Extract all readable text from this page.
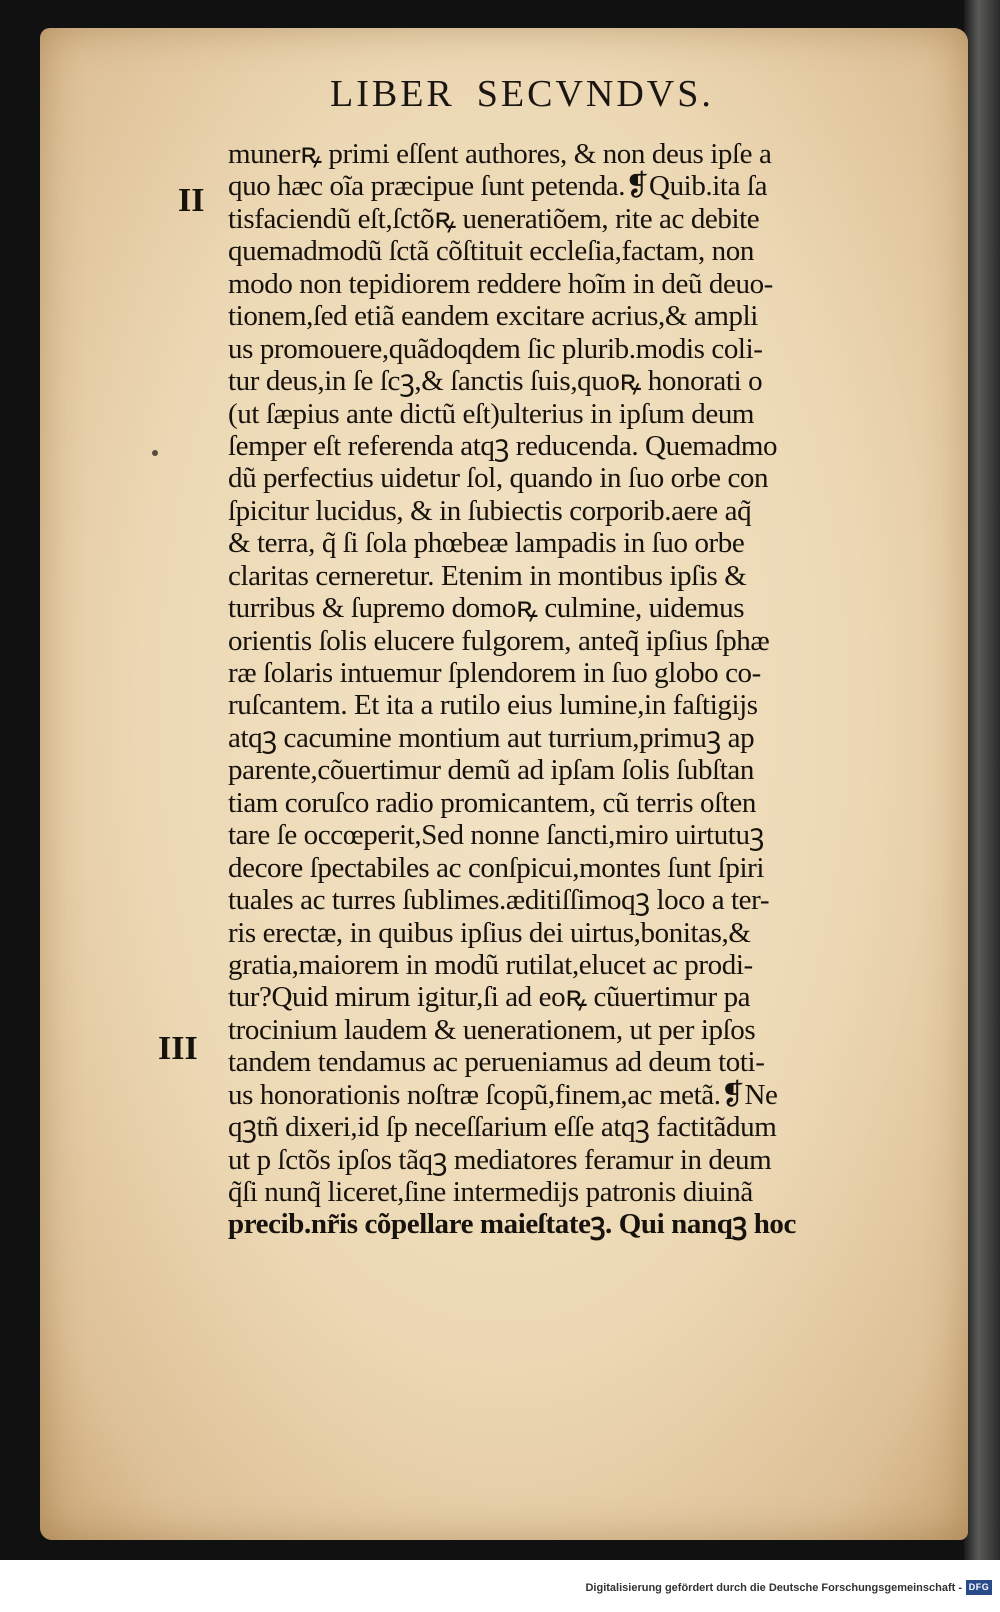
LIBER SECVNDVS.
II
III
munerꝶ primi eſſent authores, & non deus ipſe a
quo hæc oĩa præcipue ſunt petenda.❡Quib.ita ſa
tisfaciendũ eſt,ſctõꝶ ueneratiõem, rite ac debite
quemadmodũ ſctã cõſtituit eccleſia,factam, non
modo non tepidiorem reddere hoĩm in deũ deuo-
tionem,ſed etiã eandem excitare acrius,& ampli
us promouere,quãdoqdem ſic plurib.modis coli-
tur deus,in ſe ſcꝫ,& ſanctis ſuis,quoꝶ honorati o
(ut ſæpius ante dictũ eſt)ulterius in ipſum deum
ſemper eſt referenda atqꝫ reducenda. Quemadmo
dũ perfectius uidetur ſol, quando in ſuo orbe con
ſpicitur lucidus, & in ſubiectis corporib.aere aq̃
& terra, q̃ ſi ſola phœbeæ lampadis in ſuo orbe
claritas cerneretur. Etenim in montibus ipſis &
turribus & ſupremo domoꝶ culmine, uidemus
orientis ſolis elucere fulgorem, anteq̃ ipſius ſphæ
ræ ſolaris intuemur ſplendorem in ſuo globo co-
ruſcantem. Et ita a rutilo eius lumine,in faſtigijs
atqꝫ cacumine montium aut turrium,primuꝫ ap
parente,cõuertimur demũ ad ipſam ſolis ſubſtan
tiam coruſco radio promicantem, cũ terris oſten
tare ſe occœperit,Sed nonne ſancti,miro uirtutuꝫ
decore ſpectabiles ac conſpicui,montes ſunt ſpiri
tuales ac turres ſublimes.æditiſſimoqꝫ loco a ter-
ris erectæ, in quibus ipſius dei uirtus,bonitas,&
gratia,maiorem in modũ rutilat,elucet ac prodi-
tur?Quid mirum igitur,ſi ad eoꝶ cũuertimur pa
trocinium laudem & uenerationem, ut per ipſos
tandem tendamus ac perueniamus ad deum toti-
us honorationis noſtræ ſcopũ,finem,ac metã.❡Ne
qꝫtñ dixeri,id ſp neceſſarium eſſe atqꝫ factitãdum
ut p ſctõs ipſos tãqꝫ mediatores feramur in deum
q̃ſi nunq̃ liceret,ſine intermedijs patronis diuinã
precib.nr̃is cõpellare maieſtateꝫ. Qui nanqꝫ hoc
Digitalisierung gefördert durch die Deutsche Forschungsgemeinschaft - DFG
